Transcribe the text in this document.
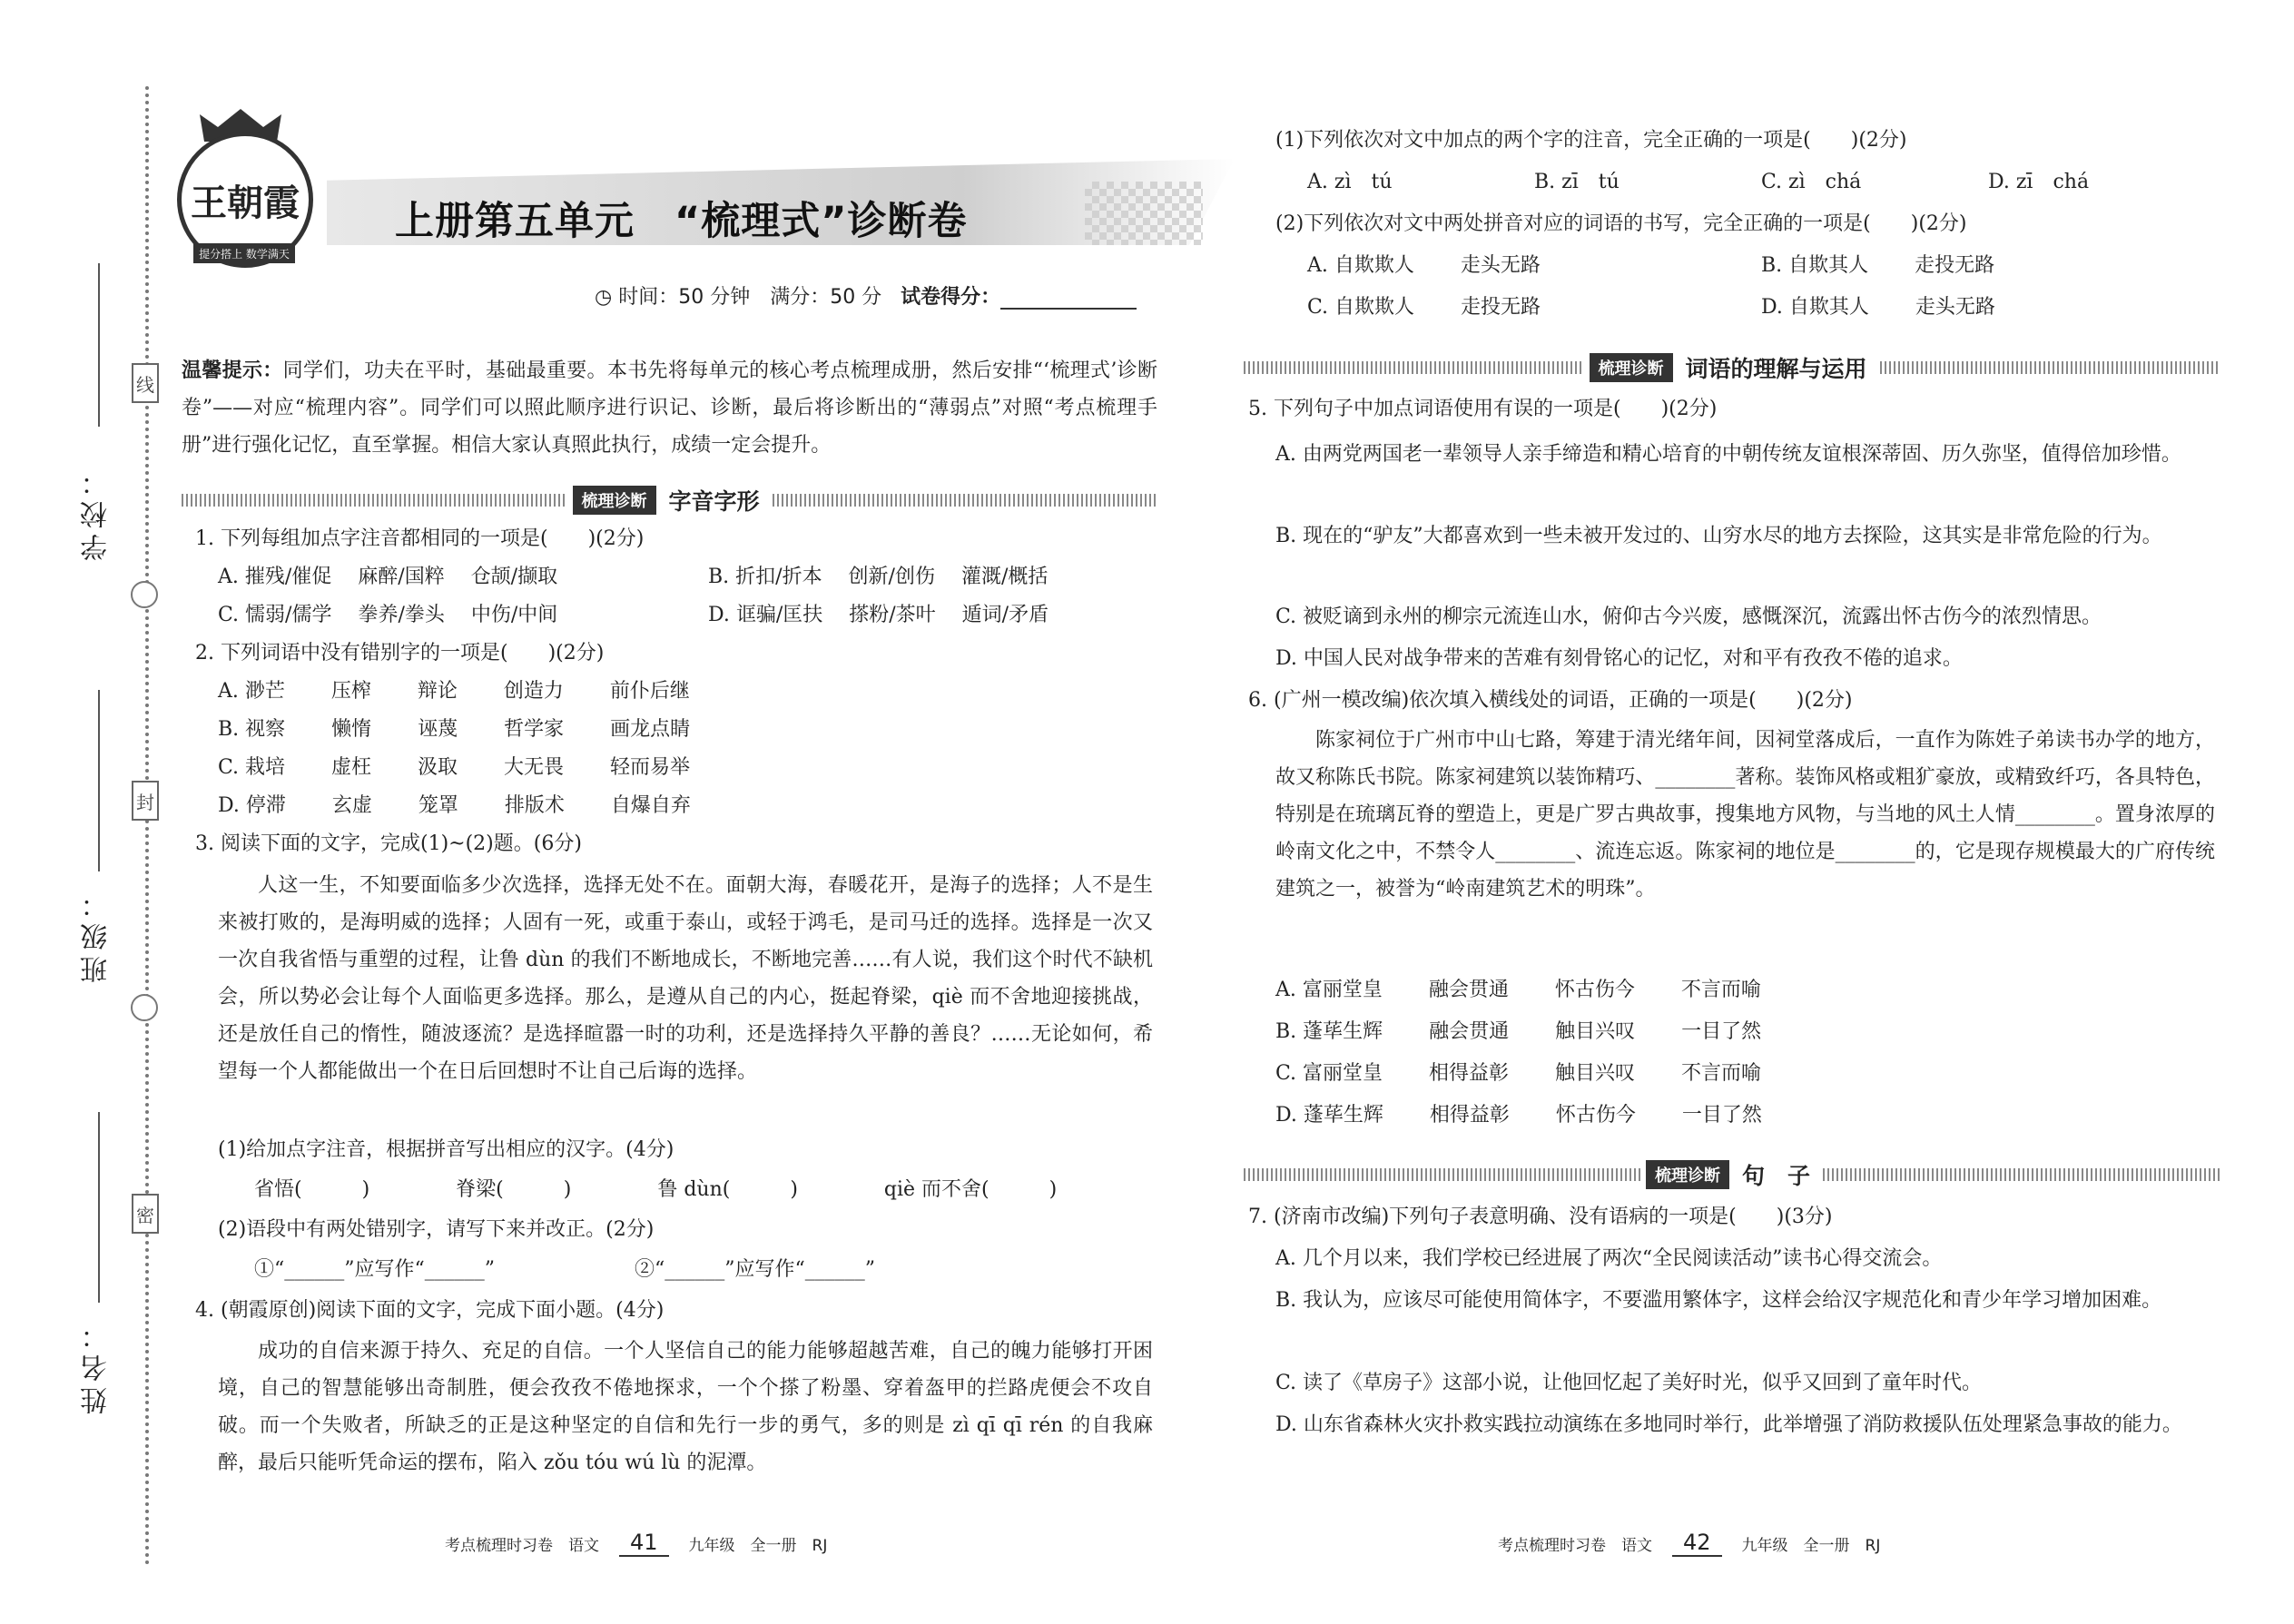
线
封
密
学校：
班级：
姓名：
王朝霞
提分搭上 数学满天
上册第五单元　“梳理式”诊断卷
◷ 时间：50 分钟　满分：50 分 试卷得分：
温馨提示：同学们，功夫在平时，基础最重要。本书先将每单元的核心考点梳理成册，然后安排“‘梳理式’诊断卷”——对应“梳理内容”。同学们可以照此顺序进行识记、诊断，最后将诊断出的“薄弱点”对照“考点梳理手册”进行强化记忆，直至掌握。相信大家认真照此执行，成绩一定会提升。
梳理诊断 字音字形
1. 下列每组加点字注音都相同的一项是(　　)(2分)
A. 摧残/催促　 麻醉/国粹　 仓颉/撷取	B. 折扣/折本　 创新/创伤　 灌溉/概括
C. 懦弱/儒学　 拳养/拳头　 中伤/中间	D. 诓骗/匡扶　 搽粉/茶叶　 遁词/矛盾
2. 下列词语中没有错别字的一项是(　　)(2分)
A. 渺芒　　 压榨　　 辩论　　 创造力　　 前仆后继
B. 视察　　 懒惰　　 诬蔑　　 哲学家　　 画龙点睛
C. 栽培　　 虚枉　　 汲取　　 大无畏　　 轻而易举
D. 停滞　　 玄虚　　 笼罩　　 排版术　　 自爆自弃
3. 阅读下面的文字，完成(1)~(2)题。(6分)
人这一生，不知要面临多少次选择，选择无处不在。面朝大海，春暖花开，是海子的选择；人不是生来被打败的，是海明威的选择；人固有一死，或重于泰山，或轻于鸿毛，是司马迁的选择。选择是一次又一次自我省悟与重塑的过程，让鲁 dùn 的我们不断地成长，不断地完善……有人说，我们这个时代不缺机会，所以势必会让每个人面临更多选择。那么，是遵从自己的内心，挺起脊梁，qiè 而不舍地迎接挑战，还是放任自己的惰性，随波逐流？是选择暄嚣一时的功利，还是选择持久平静的善良？……无论如何，希望每一个人都能做出一个在日后回想时不让自己后诲的选择。
(1)给加点字注音，根据拼音写出相应的汉字。(4分)
省悟(　　　)　　　　 脊梁(　　　)　　　　 鲁 dùn(　　　)　　　　 qiè 而不舍(　　　)
(2)语段中有两处错别字，请写下来并改正。(2分)
①“______”应写作“______”　　　　　　　②“______”应写作“______”
4. (朝霞原创)阅读下面的文字，完成下面小题。(4分)
成功的自信来源于持久、充足的自信。一个人坚信自己的能力能够超越苦难，自己的魄力能够打开困境，自己的智慧能够出奇制胜，便会孜孜不倦地探求，一个个搽了粉墨、穿着盔甲的拦路虎便会不攻自破。而一个失败者，所缺乏的正是这种坚定的自信和先行一步的勇气，多的则是 zì qī qī rén 的自我麻醉，最后只能听凭命运的摆布，陷入 zǒu tóu wú lù 的泥潭。
考点梳理时习卷　语文	41	九年级　全一册　RJ
(1)下列依次对文中加点的两个字的注音，完全正确的一项是(　　)(2分)
A. zì　tú	B. zī　tú	C. zì　chá	D. zī　chá
(2)下列依次对文中两处拼音对应的词语的书写，完全正确的一项是(　　)(2分)
A. 自欺欺人　　 走头无路	B. 自欺其人　　 走投无路
C. 自欺欺人　　 走投无路	D. 自欺其人　　 走头无路
梳理诊断 词语的理解与运用
5. 下列句子中加点词语使用有误的一项是(　　)(2分)
A. 由两党两国老一辈领导人亲手缔造和精心培育的中朝传统友谊根深蒂固、历久弥坚，值得倍加珍惜。
B. 现在的“驴友”大都喜欢到一些未被开发过的、山穷水尽的地方去探险，这其实是非常危险的行为。
C. 被贬谪到永州的柳宗元流连山水，俯仰古今兴废，感慨深沉，流露出怀古伤今的浓烈情思。
D. 中国人民对战争带来的苦难有刻骨铭心的记忆，对和平有孜孜不倦的追求。
6. (广州一模改编)依次填入横线处的词语，正确的一项是(　　)(2分)
陈家祠位于广州市中山七路，筹建于清光绪年间，因祠堂落成后，一直作为陈姓子弟读书办学的地方，故又称陈氏书院。陈家祠建筑以装饰精巧、________著称。装饰风格或粗犷豪放，或精致纤巧，各具特色，特别是在琉璃瓦脊的塑造上，更是广罗古典故事，搜集地方风物，与当地的风土人情________。置身浓厚的岭南文化之中，不禁令人________、流连忘返。陈家祠的地位是________的，它是现存规模最大的广府传统建筑之一，被誉为“岭南建筑艺术的明珠”。
A. 富丽堂皇　　 融会贯通　　 怀古伤今　　 不言而喻
B. 蓬荜生辉　　 融会贯通　　 触目兴叹　　 一目了然
C. 富丽堂皇　　 相得益彰　　 触目兴叹　　 不言而喻
D. 蓬荜生辉　　 相得益彰　　 怀古伤今　　 一目了然
梳理诊断 句　子
7. (济南市改编)下列句子表意明确、没有语病的一项是(　　)(3分)
A. 几个月以来，我们学校已经进展了两次“全民阅读活动”读书心得交流会。
B. 我认为，应该尽可能使用简体字，不要滥用繁体字，这样会给汉字规范化和青少年学习增加困难。
C. 读了《草房子》这部小说，让他回忆起了美好时光，似乎又回到了童年时代。
D. 山东省森林火灾扑救实践拉动演练在多地同时举行，此举增强了消防救援队伍处理紧急事故的能力。
考点梳理时习卷　语文	42	九年级　全一册　RJ
